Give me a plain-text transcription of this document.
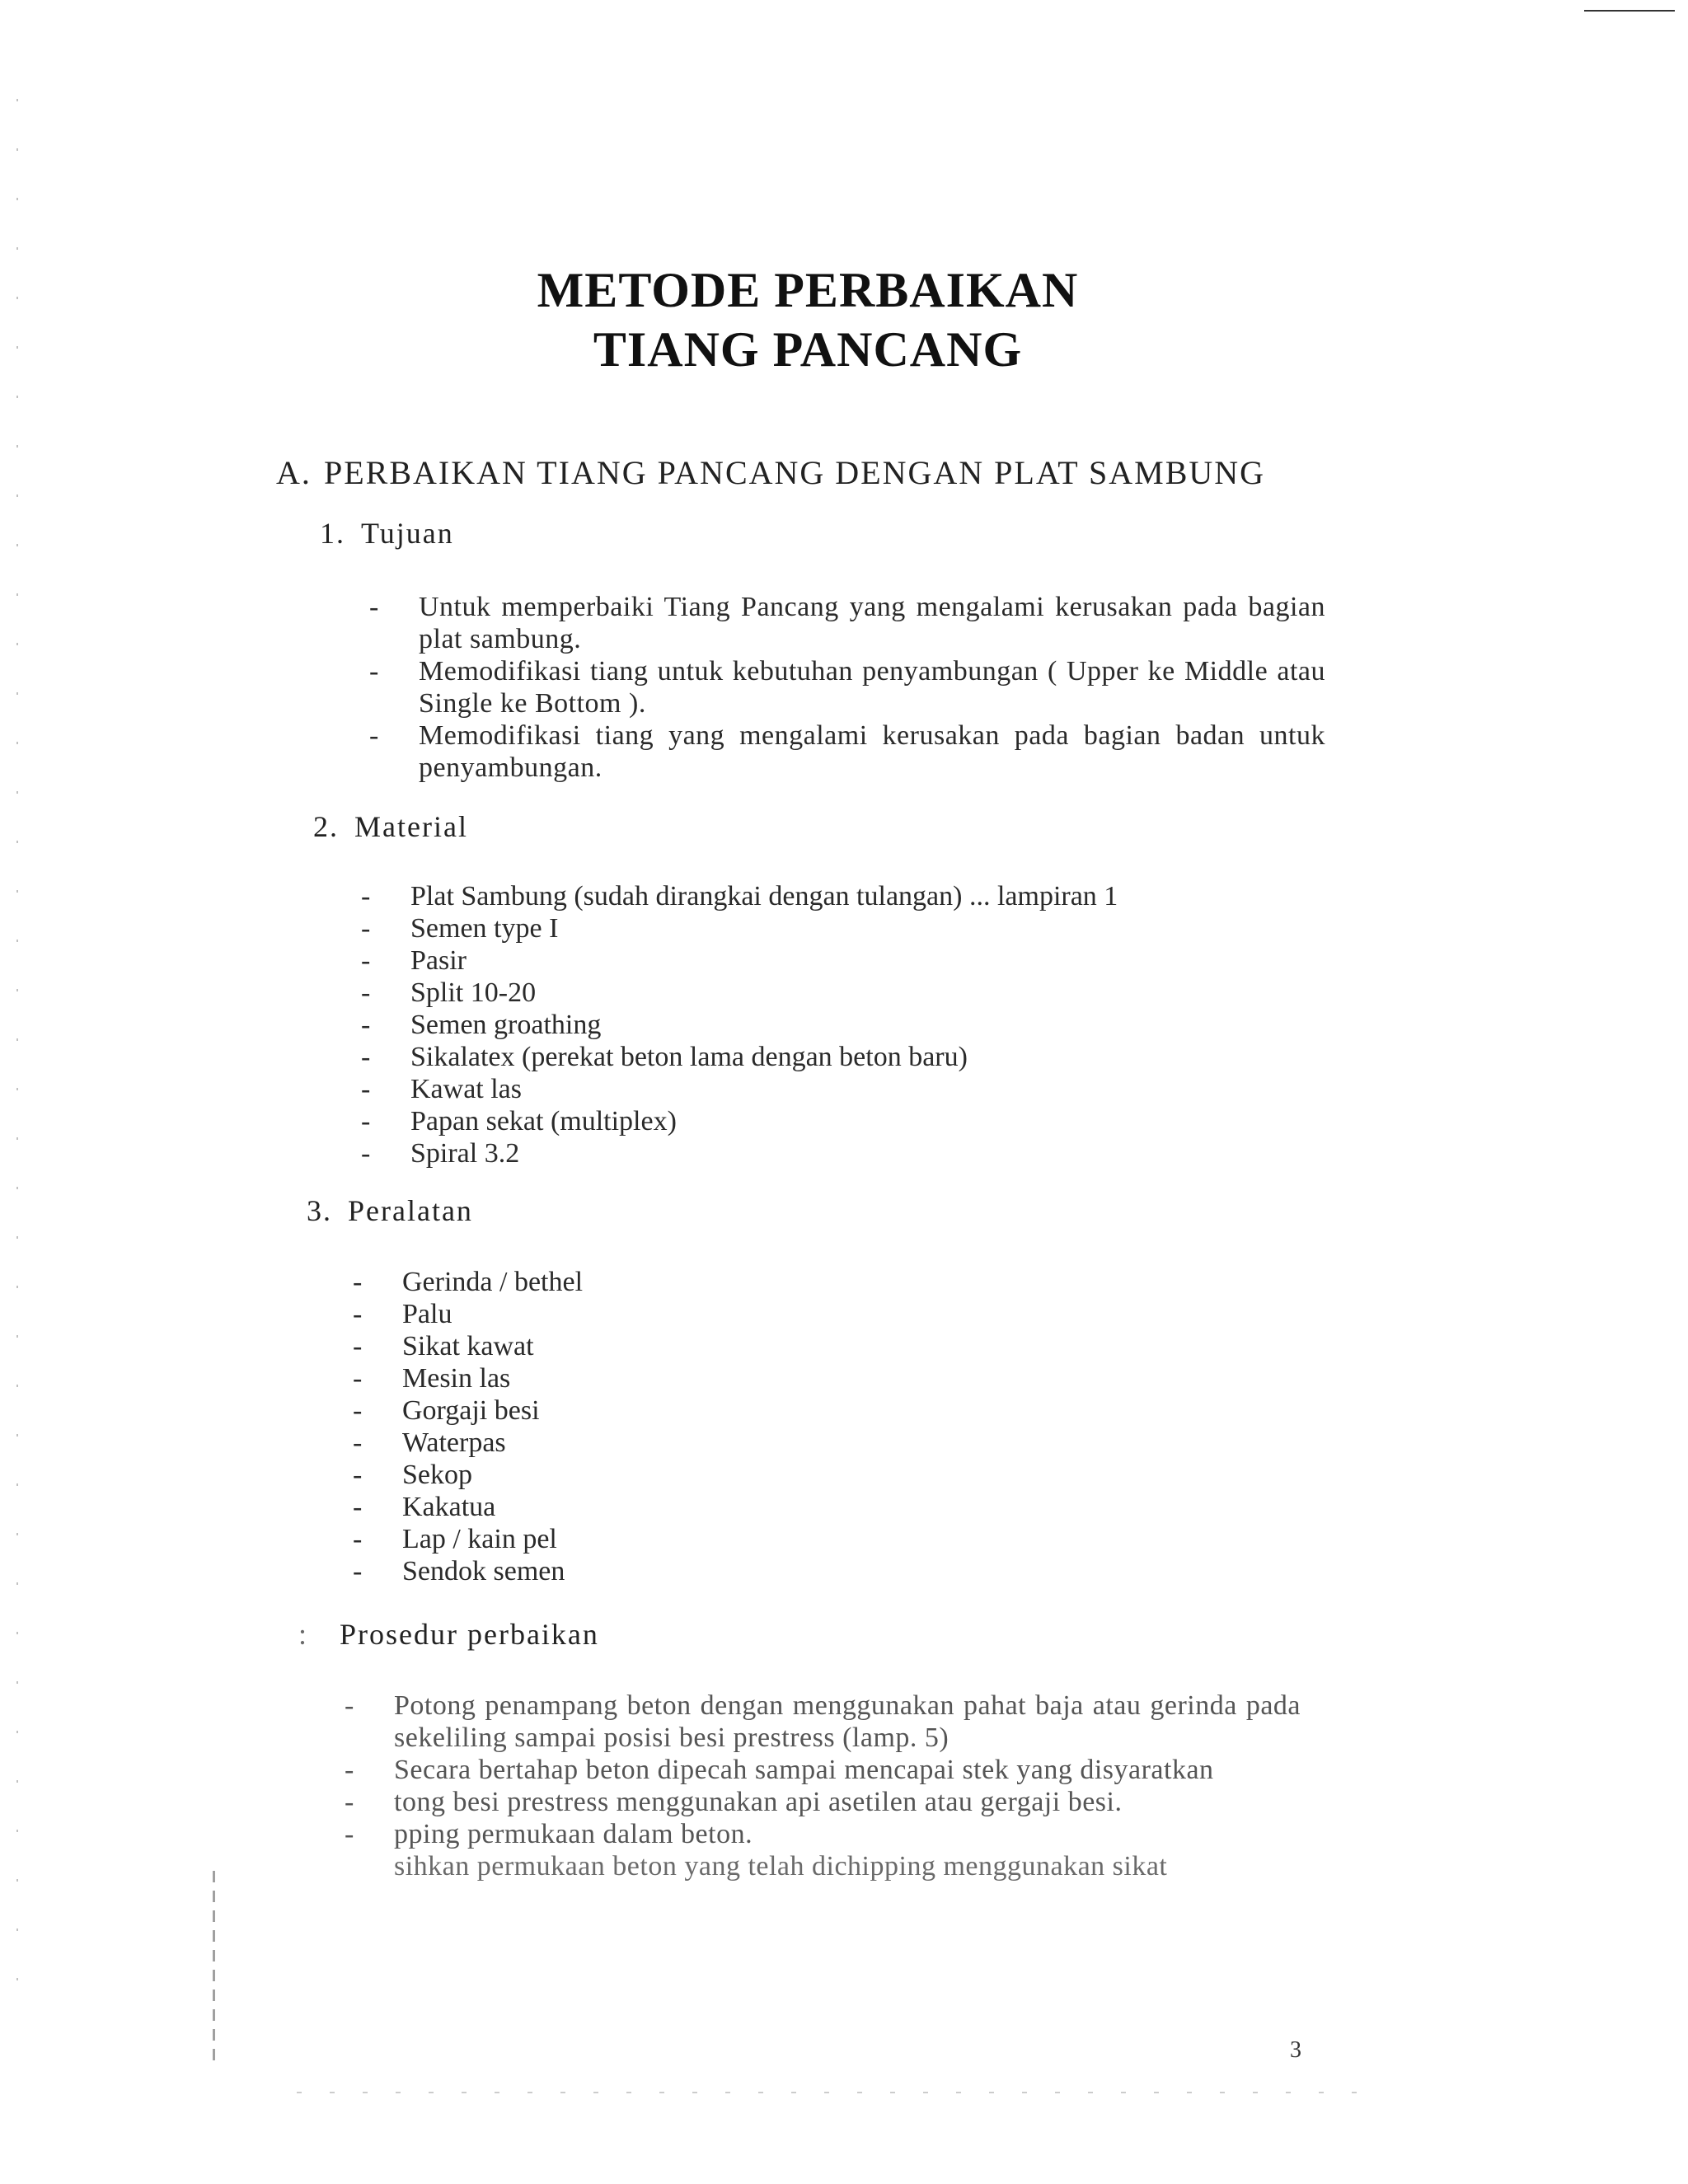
METODE PERBAIKAN
TIANG PANCANG
A. PERBAIKAN TIANG PANCANG DENGAN PLAT SAMBUNG
1. Tujuan
- Untuk memperbaiki Tiang Pancang yang mengalami kerusakan pada bagian plat sambung.
- Memodifikasi tiang untuk kebutuhan penyambungan ( Upper ke Middle atau Single ke Bottom ).
- Memodifikasi tiang yang mengalami kerusakan pada bagian badan untuk penyambungan.
2. Material
- Plat Sambung (sudah dirangkai dengan tulangan) ... lampiran 1
- Semen type I
- Pasir
- Split 10-20
- Semen groathing
- Sikalatex (perekat beton lama dengan beton baru)
- Kawat las
- Papan sekat (multiplex)
- Spiral 3.2
3. Peralatan
- Gerinda / bethel
- Palu
- Sikat kawat
- Mesin las
- Gorgaji besi
- Waterpas
- Sekop
- Kakatua
- Lap / kain pel
- Sendok semen
: Prosedur perbaikan
- Potong penampang beton dengan menggunakan pahat baja atau gerinda pada sekeliling sampai posisi besi prestress (lamp. 5)
- Secara bertahap beton dipecah sampai mencapai stek yang disyaratkan
- tong besi prestress menggunakan api asetilen atau gergaji besi.
- pping permukaan dalam beton.
sihkan permukaan beton yang telah dichipping menggunakan sikat
3
